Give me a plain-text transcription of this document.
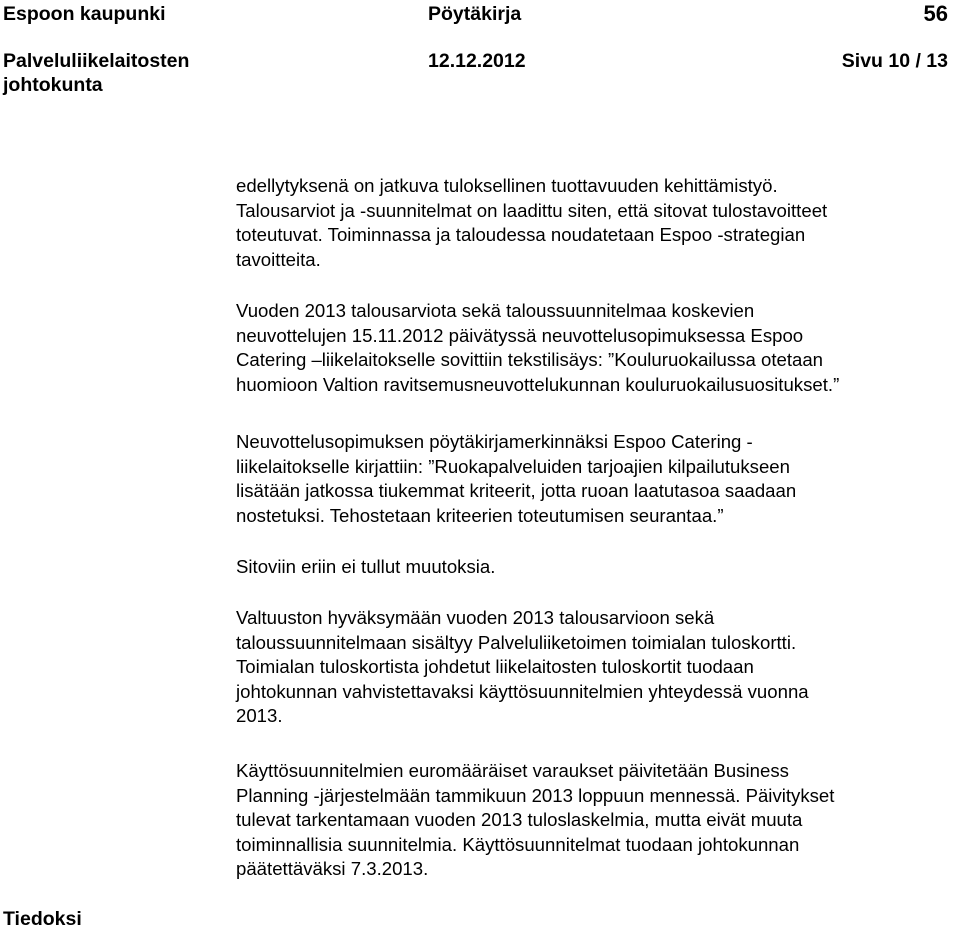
Espoon kaupunki	Pöytäkirja	56
Palveluliikelaitosten
johtokunta
12.12.2012	Sivu 10 / 13
edellytyksenä on jatkuva tuloksellinen tuottavuuden kehittämistyö.
Talousarviot ja -suunnitelmat on laadittu siten, että sitovat tulostavoitteet
toteutuvat. Toiminnassa ja taloudessa noudatetaan Espoo -strategian
tavoitteita.
Vuoden 2013 talousarviota sekä taloussuunnitelmaa koskevien
neuvottelujen 15.11.2012 päivätyssä neuvottelusopimuksessa Espoo
Catering –liikelaitokselle sovittiin tekstilisäys: ”Kouluruokailussa otetaan
huomioon Valtion ravitsemusneuvottelukunnan kouluruokailusuositukset.”
Neuvottelusopimuksen pöytäkirjamerkinnäksi Espoo Catering -
liikelaitokselle kirjattiin: ”Ruokapalveluiden tarjoajien kilpailutukseen
lisätään jatkossa tiukemmat kriteerit, jotta ruoan laatutasoa saadaan
nostetuksi. Tehostetaan kriteerien toteutumisen seurantaa.”
Sitoviin eriin ei tullut muutoksia.
Valtuuston hyväksymään vuoden 2013 talousarvioon sekä
taloussuunnitelmaan sisältyy Palveluliiketoimen toimialan tuloskortti.
Toimialan tuloskortista johdetut liikelaitosten tuloskortit tuodaan
johtokunnan vahvistettavaksi käyttösuunnitelmien yhteydessä vuonna
2013.
Käyttösuunnitelmien euromääräiset varaukset päivitetään Business
Planning -järjestelmään tammikuun 2013 loppuun mennessä. Päivitykset
tulevat tarkentamaan vuoden 2013 tuloslaskelmia, mutta eivät muuta
toiminnallisia suunnitelmia. Käyttösuunnitelmat tuodaan johtokunnan
päätettäväksi 7.3.2013.
Tiedoksi
